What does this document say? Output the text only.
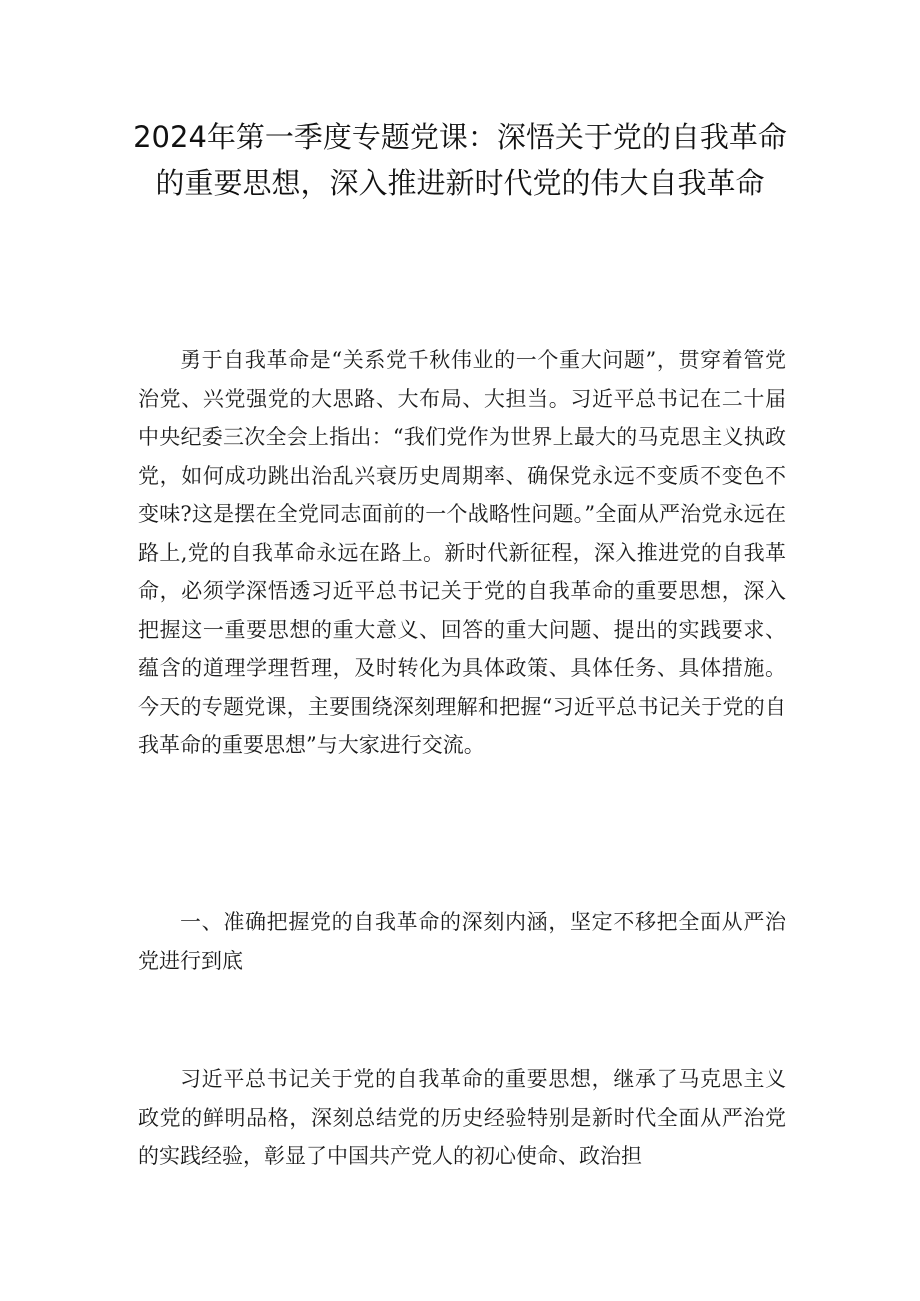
2024年第一季度专题党课：深悟关于党的自我革命的重要思想，深入推进新时代党的伟大自我革命

勇于自我革命是“关系党千秋伟业的一个重大问题”，贯穿着管党治党、兴党强党的大思路、大布局、大担当。习近平总书记在二十届中央纪委三次全会上指出：“我们党作为世界上最大的马克思主义执政党，如何成功跳出治乱兴衰历史周期率、确保党永远不变质不变色不变味?这是摆在全党同志面前的一个战略性问题。”全面从严治党永远在路上,党的自我革命永远在路上。新时代新征程，深入推进党的自我革命，必须学深悟透习近平总书记关于党的自我革命的重要思想，深入把握这一重要思想的重大意义、回答的重大问题、提出的实践要求、蕴含的道理学理哲理，及时转化为具体政策、具体任务、具体措施。今天的专题党课，主要围绕深刻理解和把握“习近平总书记关于党的自我革命的重要思想”与大家进行交流。

一、准确把握党的自我革命的深刻内涵，坚定不移把全面从严治党进行到底

习近平总书记关于党的自我革命的重要思想，继承了马克思主义政党的鲜明品格，深刻总结党的历史经验特别是新时代全面从严治党的实践经验，彰显了中国共产党人的初心使命、政治担
